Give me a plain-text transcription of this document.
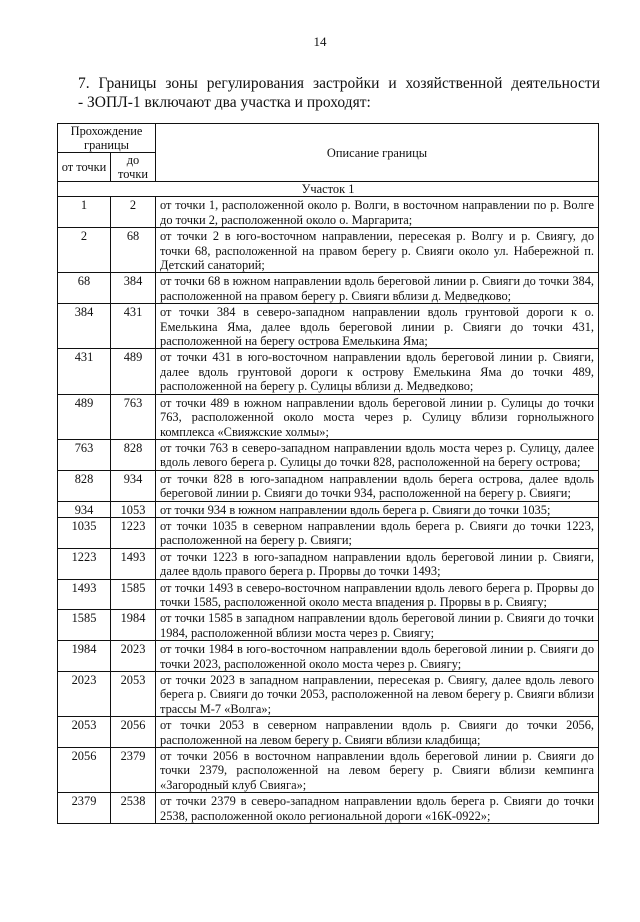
14
7. Границы зоны регулирования застройки и хозяйственной деятельности
- ЗОПЛ-1 включают два участка и проходят:
Прохождение границы		Описание границы
от точки	до точки	
Участок 1		
1	2	от точки 1, расположенной около р. Волги, в восточном направлении по р. Волге до точки 2, расположенной около о. Маргарита;
2	68	от точки 2 в юго-восточном направлении, пересекая р. Волгу и р. Свиягу, до точки 68, расположенной на правом берегу р. Свияги около ул. Набережной п. Детский санаторий;
68	384	от точки 68 в южном направлении вдоль береговой линии р. Свияги до точки 384, расположенной на правом берегу р. Свияги вблизи д. Медведково;
384	431	от точки 384 в северо-западном направлении вдоль грунтовой дороги к о. Емелькина Яма, далее вдоль береговой линии р. Свияги до точки 431, расположенной на берегу острова Емелькина Яма;
431	489	от точки 431 в юго-восточном направлении вдоль береговой линии р. Свияги, далее вдоль грунтовой дороги к острову Емелькина Яма до точки 489, расположенной на берегу р. Сулицы вблизи д. Медведково;
489	763	от точки 489 в южном направлении вдоль береговой линии р. Сулицы до точки 763, расположенной около моста через р. Сулицу вблизи горнолыжного комплекса «Свияжские холмы»;
763	828	от точки 763 в северо-западном направлении вдоль моста через р. Сулицу, далее вдоль левого берега р. Сулицы до точки 828, расположенной на берегу острова;
828	934	от точки 828 в юго-западном направлении вдоль берега острова, далее вдоль береговой линии р. Свияги до точки 934, расположенной на берегу р. Свияги;
934	1053	от точки 934 в южном направлении вдоль берега р. Свияги до точки 1035;
1035	1223	от точки 1035 в северном направлении вдоль берега р. Свияги до точки 1223, расположенной на берегу р. Свияги;
1223	1493	от точки 1223 в юго-западном направлении вдоль береговой линии р. Свияги, далее вдоль правого берега р. Прорвы до точки 1493;
1493	1585	от точки 1493 в северо-восточном направлении вдоль левого берега р. Прорвы до точки 1585, расположенной около места впадения р. Прорвы в р. Свиягу;
1585	1984	от точки 1585 в западном направлении вдоль береговой линии р. Свияги до точки 1984, расположенной вблизи моста через р. Свиягу;
1984	2023	от точки 1984 в юго-восточном направлении вдоль береговой линии р. Свияги до точки 2023, расположенной около моста через р. Свиягу;
2023	2053	от точки 2023 в западном направлении, пересекая р. Свиягу, далее вдоль левого берега р. Свияги до точки 2053, расположенной на левом берегу р. Свияги вблизи трассы М-7 «Волга»;
2053	2056	от точки 2053 в северном направлении вдоль р. Свияги до точки 2056, расположенной на левом берегу р. Свияги вблизи кладбища;
2056	2379	от точки 2056 в восточном направлении вдоль береговой линии р. Свияги до точки 2379, расположенной на левом берегу р. Свияги вблизи кемпинга «Загородный клуб Свияга»;
2379	2538	от точки 2379 в северо-западном направлении вдоль берега р. Свияги до точки 2538, расположенной около региональной дороги «16К-0922»;
